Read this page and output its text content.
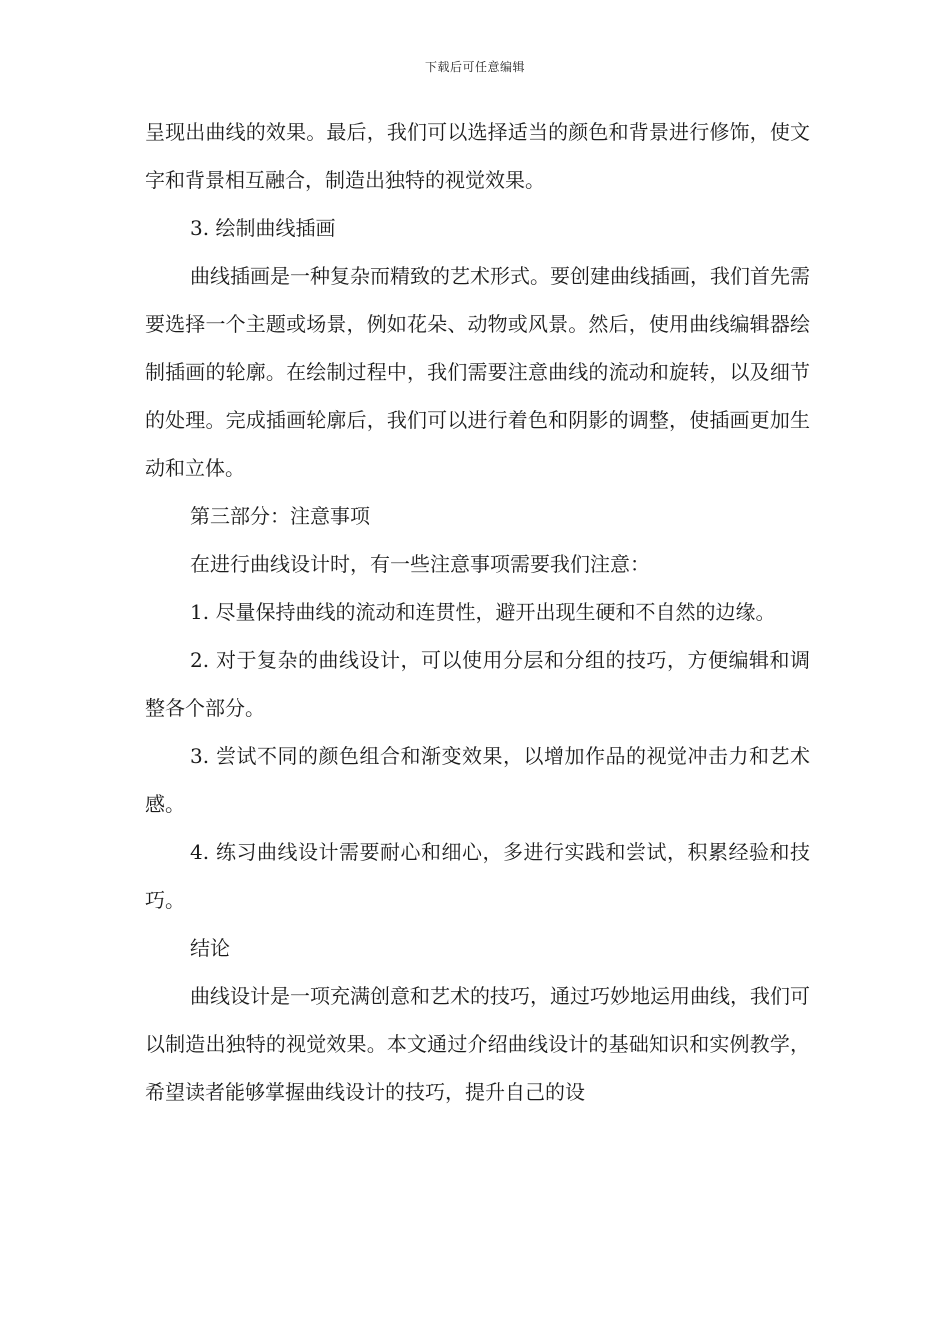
下载后可任意编辑

呈现出曲线的效果。最后，我们可以选择适当的颜色和背景进行修饰，使文字和背景相互融合，制造出独特的视觉效果。

3. 绘制曲线插画

曲线插画是一种复杂而精致的艺术形式。要创建曲线插画，我们首先需要选择一个主题或场景，例如花朵、动物或风景。然后，使用曲线编辑器绘制插画的轮廓。在绘制过程中，我们需要注意曲线的流动和旋转，以及细节的处理。完成插画轮廓后，我们可以进行着色和阴影的调整，使插画更加生动和立体。

第三部分：注意事项

在进行曲线设计时，有一些注意事项需要我们注意：

1. 尽量保持曲线的流动和连贯性，避开出现生硬和不自然的边缘。

2. 对于复杂的曲线设计，可以使用分层和分组的技巧，方便编辑和调整各个部分。

3. 尝试不同的颜色组合和渐变效果，以增加作品的视觉冲击力和艺术感。

4. 练习曲线设计需要耐心和细心，多进行实践和尝试，积累经验和技巧。

结论

曲线设计是一项充满创意和艺术的技巧，通过巧妙地运用曲线，我们可以制造出独特的视觉效果。本文通过介绍曲线设计的基础知识和实例教学，希望读者能够掌握曲线设计的技巧，提升自己的设
